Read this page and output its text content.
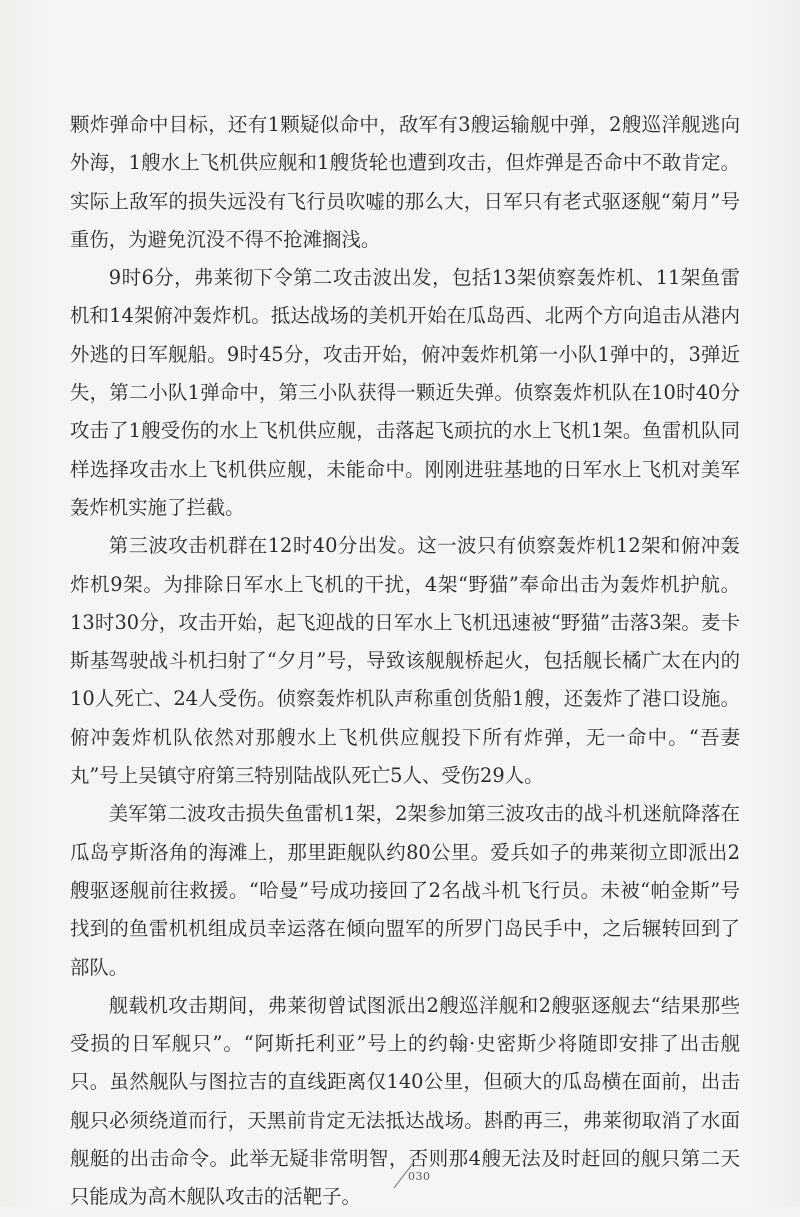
颗炸弹命中目标，还有1颗疑似命中，敌军有3艘运输舰中弹，2艘巡洋舰逃向外海，1艘水上飞机供应舰和1艘货轮也遭到攻击，但炸弹是否命中不敢肯定。实际上敌军的损失远没有飞行员吹嘘的那么大，日军只有老式驱逐舰“菊月”号重伤，为避免沉没不得不抢滩搁浅。

9时6分，弗莱彻下令第二攻击波出发，包括13架侦察轰炸机、11架鱼雷机和14架俯冲轰炸机。抵达战场的美机开始在瓜岛西、北两个方向追击从港内外逃的日军舰船。9时45分，攻击开始，俯冲轰炸机第一小队1弹中的，3弹近失，第二小队1弹命中，第三小队获得一颗近失弹。侦察轰炸机队在10时40分攻击了1艘受伤的水上飞机供应舰，击落起飞顽抗的水上飞机1架。鱼雷机队同样选择攻击水上飞机供应舰，未能命中。刚刚进驻基地的日军水上飞机对美军轰炸机实施了拦截。

第三波攻击机群在12时40分出发。这一波只有侦察轰炸机12架和俯冲轰炸机9架。为排除日军水上飞机的干扰，4架“野猫”奉命出击为轰炸机护航。13时30分，攻击开始，起飞迎战的日军水上飞机迅速被“野猫”击落3架。麦卡斯基驾驶战斗机扫射了“夕月”号，导致该舰舰桥起火，包括舰长橘广太在内的10人死亡、24人受伤。侦察轰炸机队声称重创货船1艘，还轰炸了港口设施。俯冲轰炸机队依然对那艘水上飞机供应舰投下所有炸弹，无一命中。“吾妻丸”号上吴镇守府第三特别陆战队死亡5人、受伤29人。

美军第二波攻击损失鱼雷机1架，2架参加第三波攻击的战斗机迷航降落在瓜岛亨斯洛角的海滩上，那里距舰队约80公里。爱兵如子的弗莱彻立即派出2艘驱逐舰前往救援。“哈曼”号成功接回了2名战斗机飞行员。未被“帕金斯”号找到的鱼雷机机组成员幸运落在倾向盟军的所罗门岛民手中，之后辗转回到了部队。

舰载机攻击期间，弗莱彻曾试图派出2艘巡洋舰和2艘驱逐舰去“结果那些受损的日军舰只”。“阿斯托利亚”号上的约翰·史密斯少将随即安排了出击舰只。虽然舰队与图拉吉的直线距离仅140公里，但硕大的瓜岛横在面前，出击舰只必须绕道而行，天黑前肯定无法抵达战场。斟酌再三，弗莱彻取消了水面舰艇的出击命令。此举无疑非常明智，否则那4艘无法及时赶回的舰只第二天只能成为高木舰队攻击的活靶子。

030
